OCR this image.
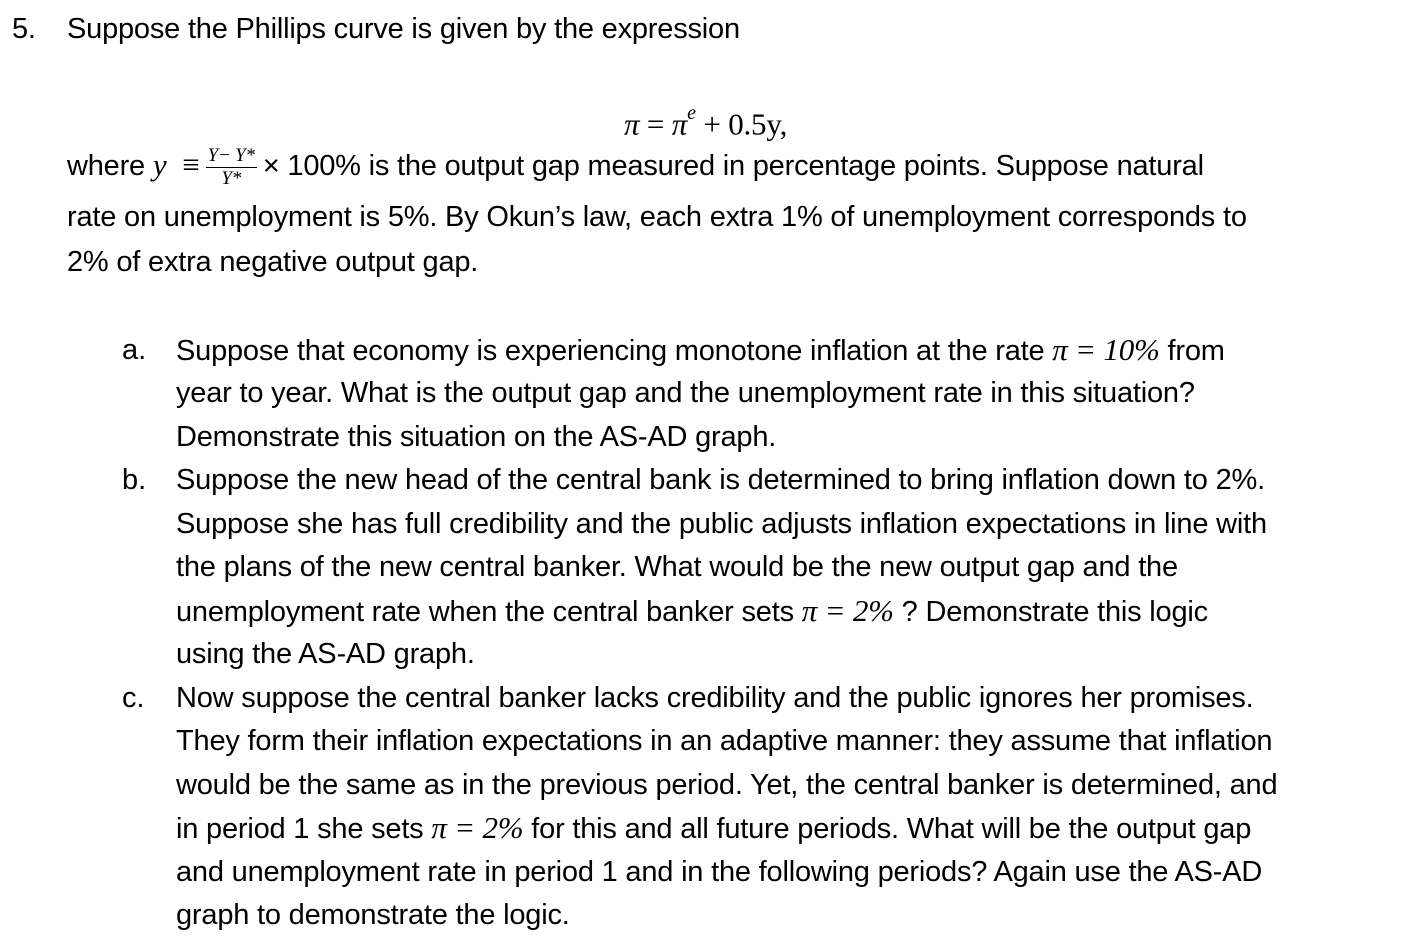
5. Suppose the Phillips curve is given by the expression
$\pi = \pi^e + 0.5y$,
where $y \equiv \frac{Y- Y*}{Y*} \times 100\%$ is the output gap measured in percentage points. Suppose natural
rate on unemployment is 5%. By Okun’s law, each extra 1% of unemployment corresponds to
2% of extra negative output gap.
a. Suppose that economy is experiencing monotone inflation at the rate π = 10% from
year to year. What is the output gap and the unemployment rate in this situation?
Demonstrate this situation on the AS-AD graph.
b. Suppose the new head of the central bank is determined to bring inflation down to 2%.
Suppose she has full credibility and the public adjusts inflation expectations in line with
the plans of the new central banker. What would be the new output gap and the
unemployment rate when the central banker sets π = 2% ? Demonstrate this logic
using the AS-AD graph.
c. Now suppose the central banker lacks credibility and the public ignores her promises.
They form their inflation expectations in an adaptive manner: they assume that inflation
would be the same as in the previous period. Yet, the central banker is determined, and
in period 1 she sets π = 2% for this and all future periods. What will be the output gap
and unemployment rate in period 1 and in the following periods? Again use the AS-AD
graph to demonstrate the logic.
